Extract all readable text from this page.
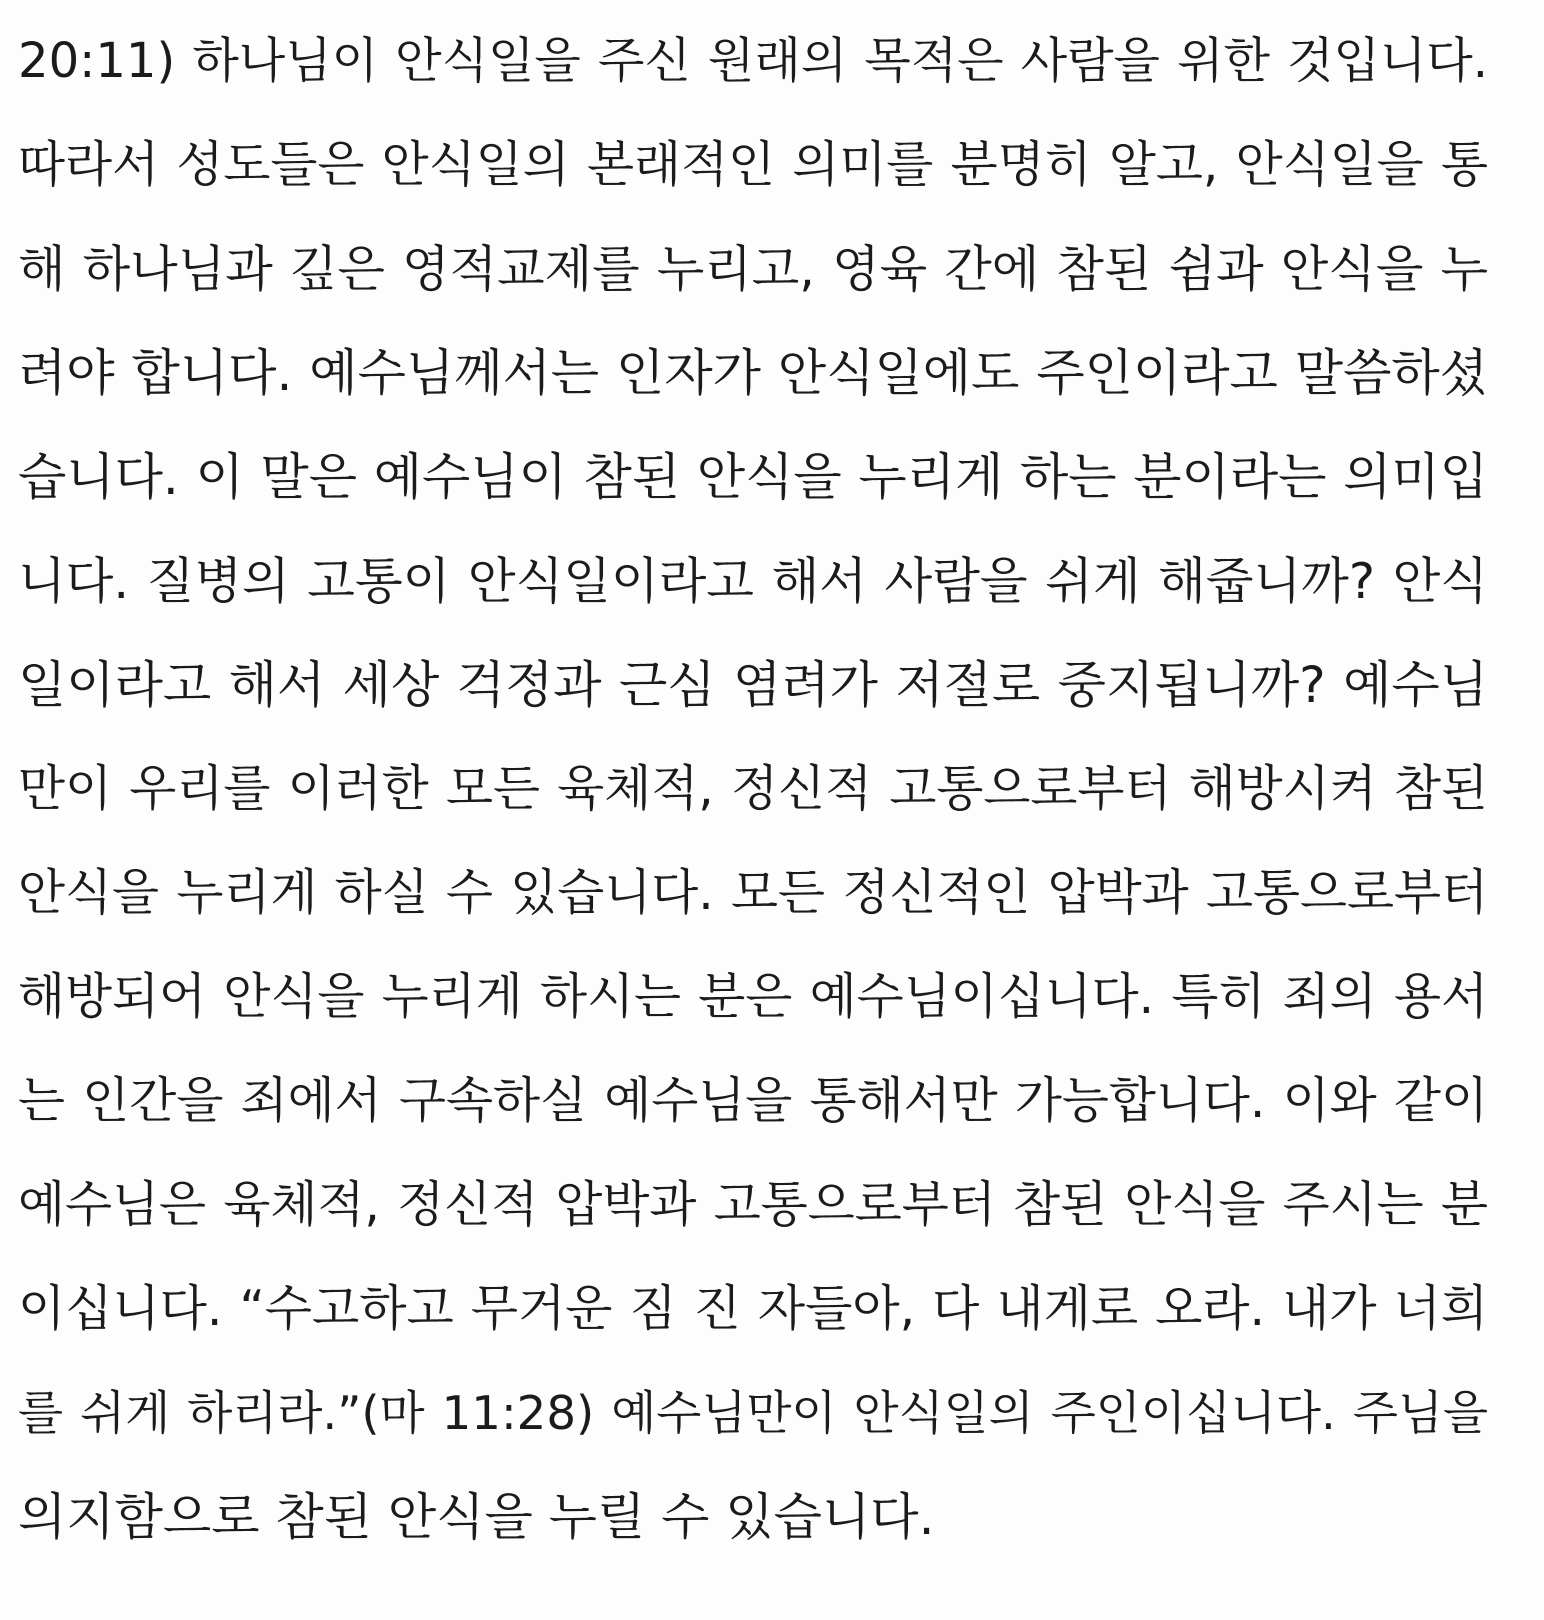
20:11) 하나님이 안식일을 주신 원래의 목적은 사람을 위한 것입니다.
따라서 성도들은 안식일의 본래적인 의미를 분명히 알고, 안식일을 통
해 하나님과 깊은 영적교제를 누리고, 영육 간에 참된 쉼과 안식을 누
려야 합니다. 예수님께서는 인자가 안식일에도 주인이라고 말씀하셨
습니다. 이 말은 예수님이 참된 안식을 누리게 하는 분이라는 의미입
니다. 질병의 고통이 안식일이라고 해서 사람을 쉬게 해줍니까? 안식
일이라고 해서 세상 걱정과 근심 염려가 저절로 중지됩니까? 예수님
만이 우리를 이러한 모든 육체적, 정신적 고통으로부터 해방시켜 참된
안식을 누리게 하실 수 있습니다. 모든 정신적인 압박과 고통으로부터
해방되어 안식을 누리게 하시는 분은 예수님이십니다. 특히 죄의 용서
는 인간을 죄에서 구속하실 예수님을 통해서만 가능합니다. 이와 같이
예수님은 육체적, 정신적 압박과 고통으로부터 참된 안식을 주시는 분
이십니다. “수고하고 무거운 짐 진 자들아, 다 내게로 오라. 내가 너희
를 쉬게 하리라.”(마 11:28) 예수님만이 안식일의 주인이십니다. 주님을
의지함으로 참된 안식을 누릴 수 있습니다.
